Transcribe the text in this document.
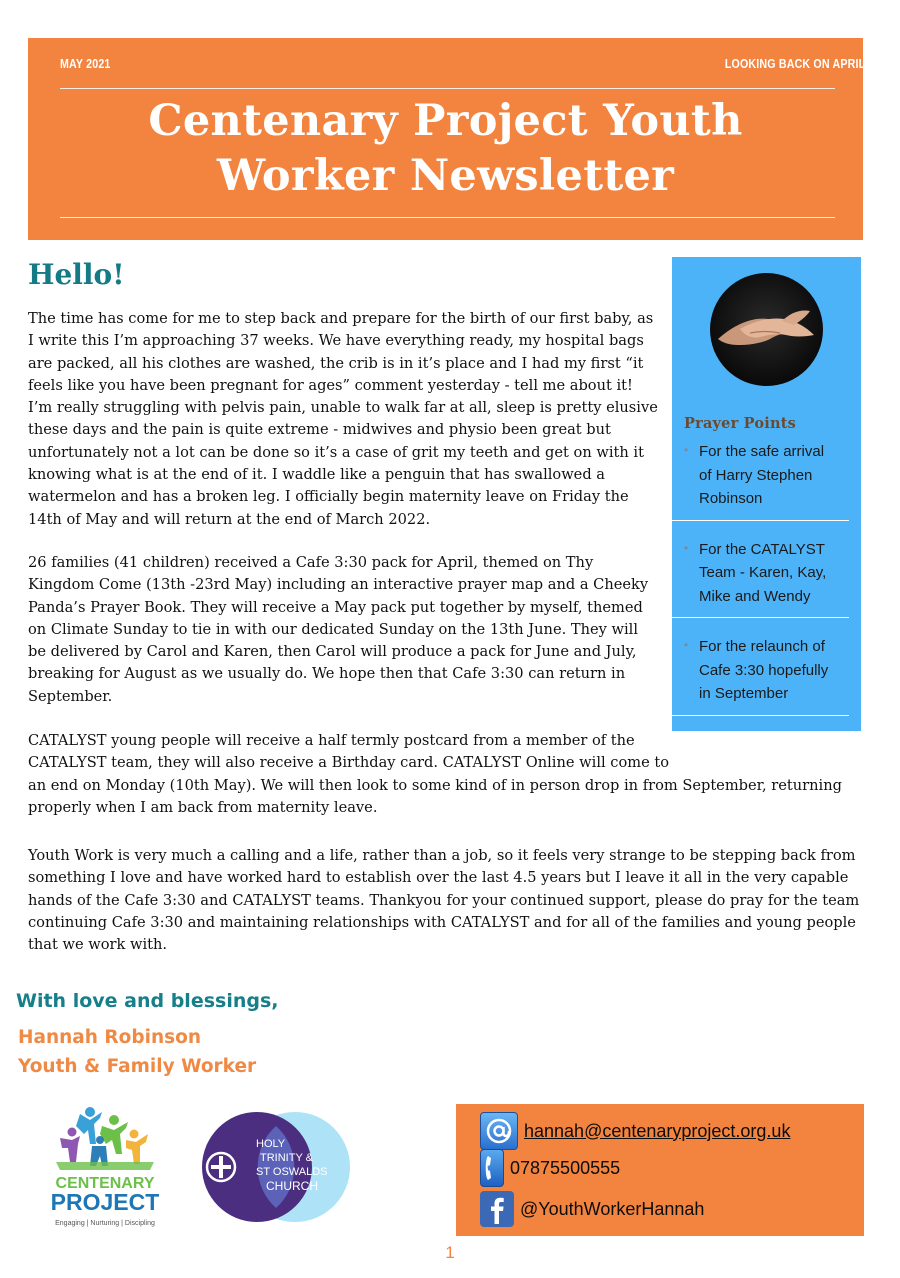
MAY 2021	LOOKING BACK ON APRIL
Centenary Project Youth
Worker Newsletter
Hello!

The time has come for me to step back and prepare for the birth of our first baby, as I write this I’m approaching 37 weeks. We have everything ready, my hospital bags are packed, all his clothes are washed, the crib is in it’s place and I had my first “it feels like you have been pregnant for ages” comment yesterday - tell me about it! I’m really struggling with pelvis pain, unable to walk far at all, sleep is pretty elusive these days and the pain is quite extreme - midwives and physio been great but unfortunately not a lot can be done so it’s a case of grit my teeth and get on with it knowing what is at the end of it. I waddle like a penguin that has swallowed a watermelon and has a broken leg. I officially begin maternity leave on Friday the 14th of May and will return at the end of March 2022.

26 families (41 children) received a Cafe 3:30 pack for April, themed on Thy Kingdom Come (13th -23rd May) including an interactive prayer map and a Cheeky Panda’s Prayer Book. They will receive a May pack put together by myself, themed on Climate Sunday to tie in with our dedicated Sunday on the 13th June. They will be delivered by Carol and Karen, then Carol will produce a pack for June and July, breaking for August as we usually do. We hope then that Cafe 3:30 can return in September.

CATALYST young people will receive a half termly postcard from a member of the
CATALYST team, they will also receive a Birthday card. CATALYST Online will come to
an end on Monday (10th May). We will then look to some kind of in person drop in from September, returning properly when I am back from maternity leave.

Youth Work is very much a calling and a life, rather than a job, so it feels very strange to be stepping back from something I love and have worked hard to establish over the last 4.5 years but I leave it all in the very capable hands of the Cafe 3:30 and CATALYST teams. Thankyou for your continued support, please do pray for the team continuing Cafe 3:30 and maintaining relationships with CATALYST and for all of the families and young people that we work with.

Prayer Points
• For the safe arrival of Harry Stephen Robinson
• For the CATALYST Team - Karen, Kay, Mike and Wendy
• For the relaunch of Cafe 3:30 hopefully in September
With love and blessings,
Hannah Robinson
Youth & Family Worker
CENTENARY
PROJECT
Engaging | Nurturing | Discipling
HOLY
TRINITY &
ST OSWALDS
CHURCH
hannah@centenaryproject.org.uk
07875500555
@YouthWorkerHannah
1
